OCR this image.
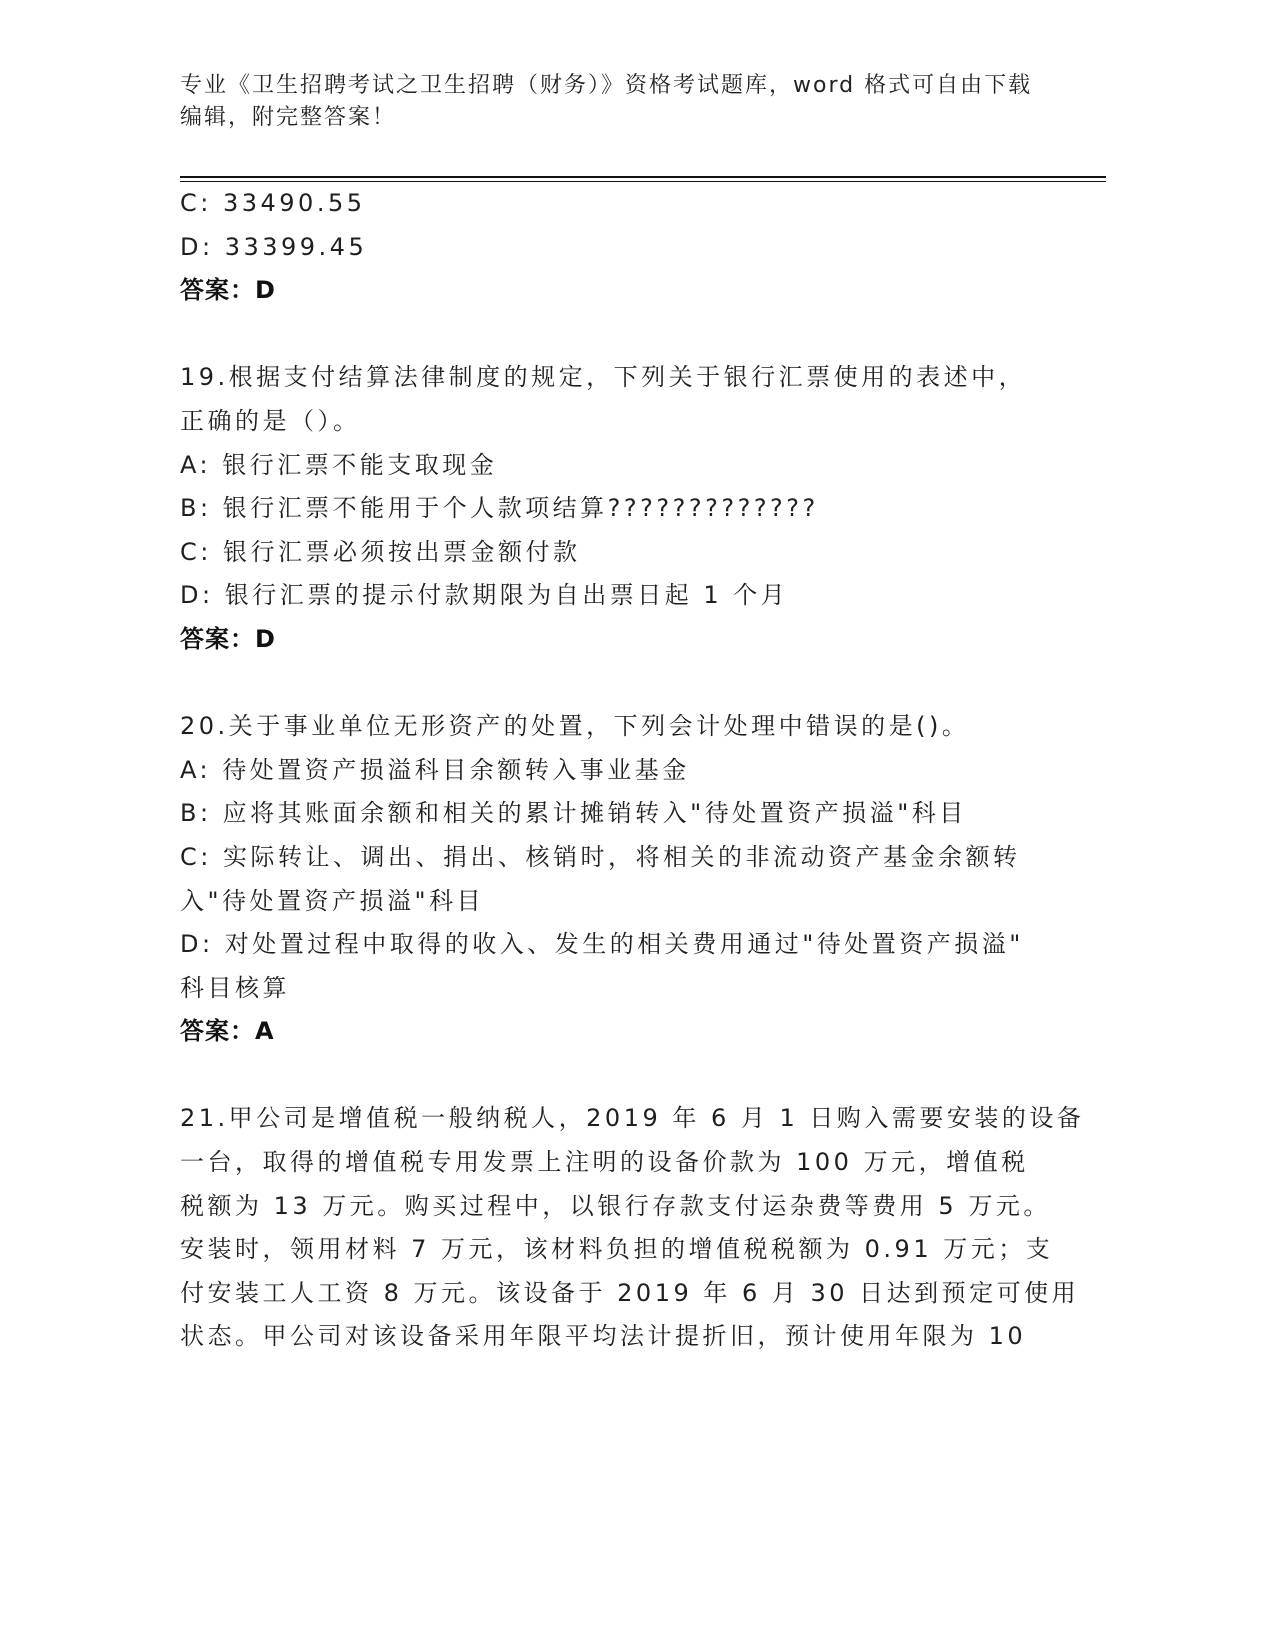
专业《卫生招聘考试之卫生招聘（财务）》资格考试题库，word 格式可自由下载
编辑，附完整答案！
C: 33490.55
D: 33399.45
答案：D
19.根据支付结算法律制度的规定，下列关于银行汇票使用的表述中，
正确的是（）。
A: 银行汇票不能支取现金
B: 银行汇票不能用于个人款项结算?????????????
C: 银行汇票必须按出票金额付款
D: 银行汇票的提示付款期限为自出票日起 1 个月
答案：D
20.关于事业单位无形资产的处置，下列会计处理中错误的是()。
A: 待处置资产损溢科目余额转入事业基金
B: 应将其账面余额和相关的累计摊销转入"待处置资产损溢"科目
C: 实际转让、调出、捐出、核销时，将相关的非流动资产基金余额转
入"待处置资产损溢"科目
D: 对处置过程中取得的收入、发生的相关费用通过"待处置资产损溢"
科目核算
答案：A
21.甲公司是增值税一般纳税人，2019 年 6 月 1 日购入需要安装的设备
一台，取得的增值税专用发票上注明的设备价款为 100 万元，增值税
税额为 13 万元。购买过程中，以银行存款支付运杂费等费用 5 万元。
安装时，领用材料 7 万元，该材料负担的增值税税额为 0.91 万元；支
付安装工人工资 8 万元。该设备于 2019 年 6 月 30 日达到预定可使用
状态。甲公司对该设备采用年限平均法计提折旧，预计使用年限为 10
